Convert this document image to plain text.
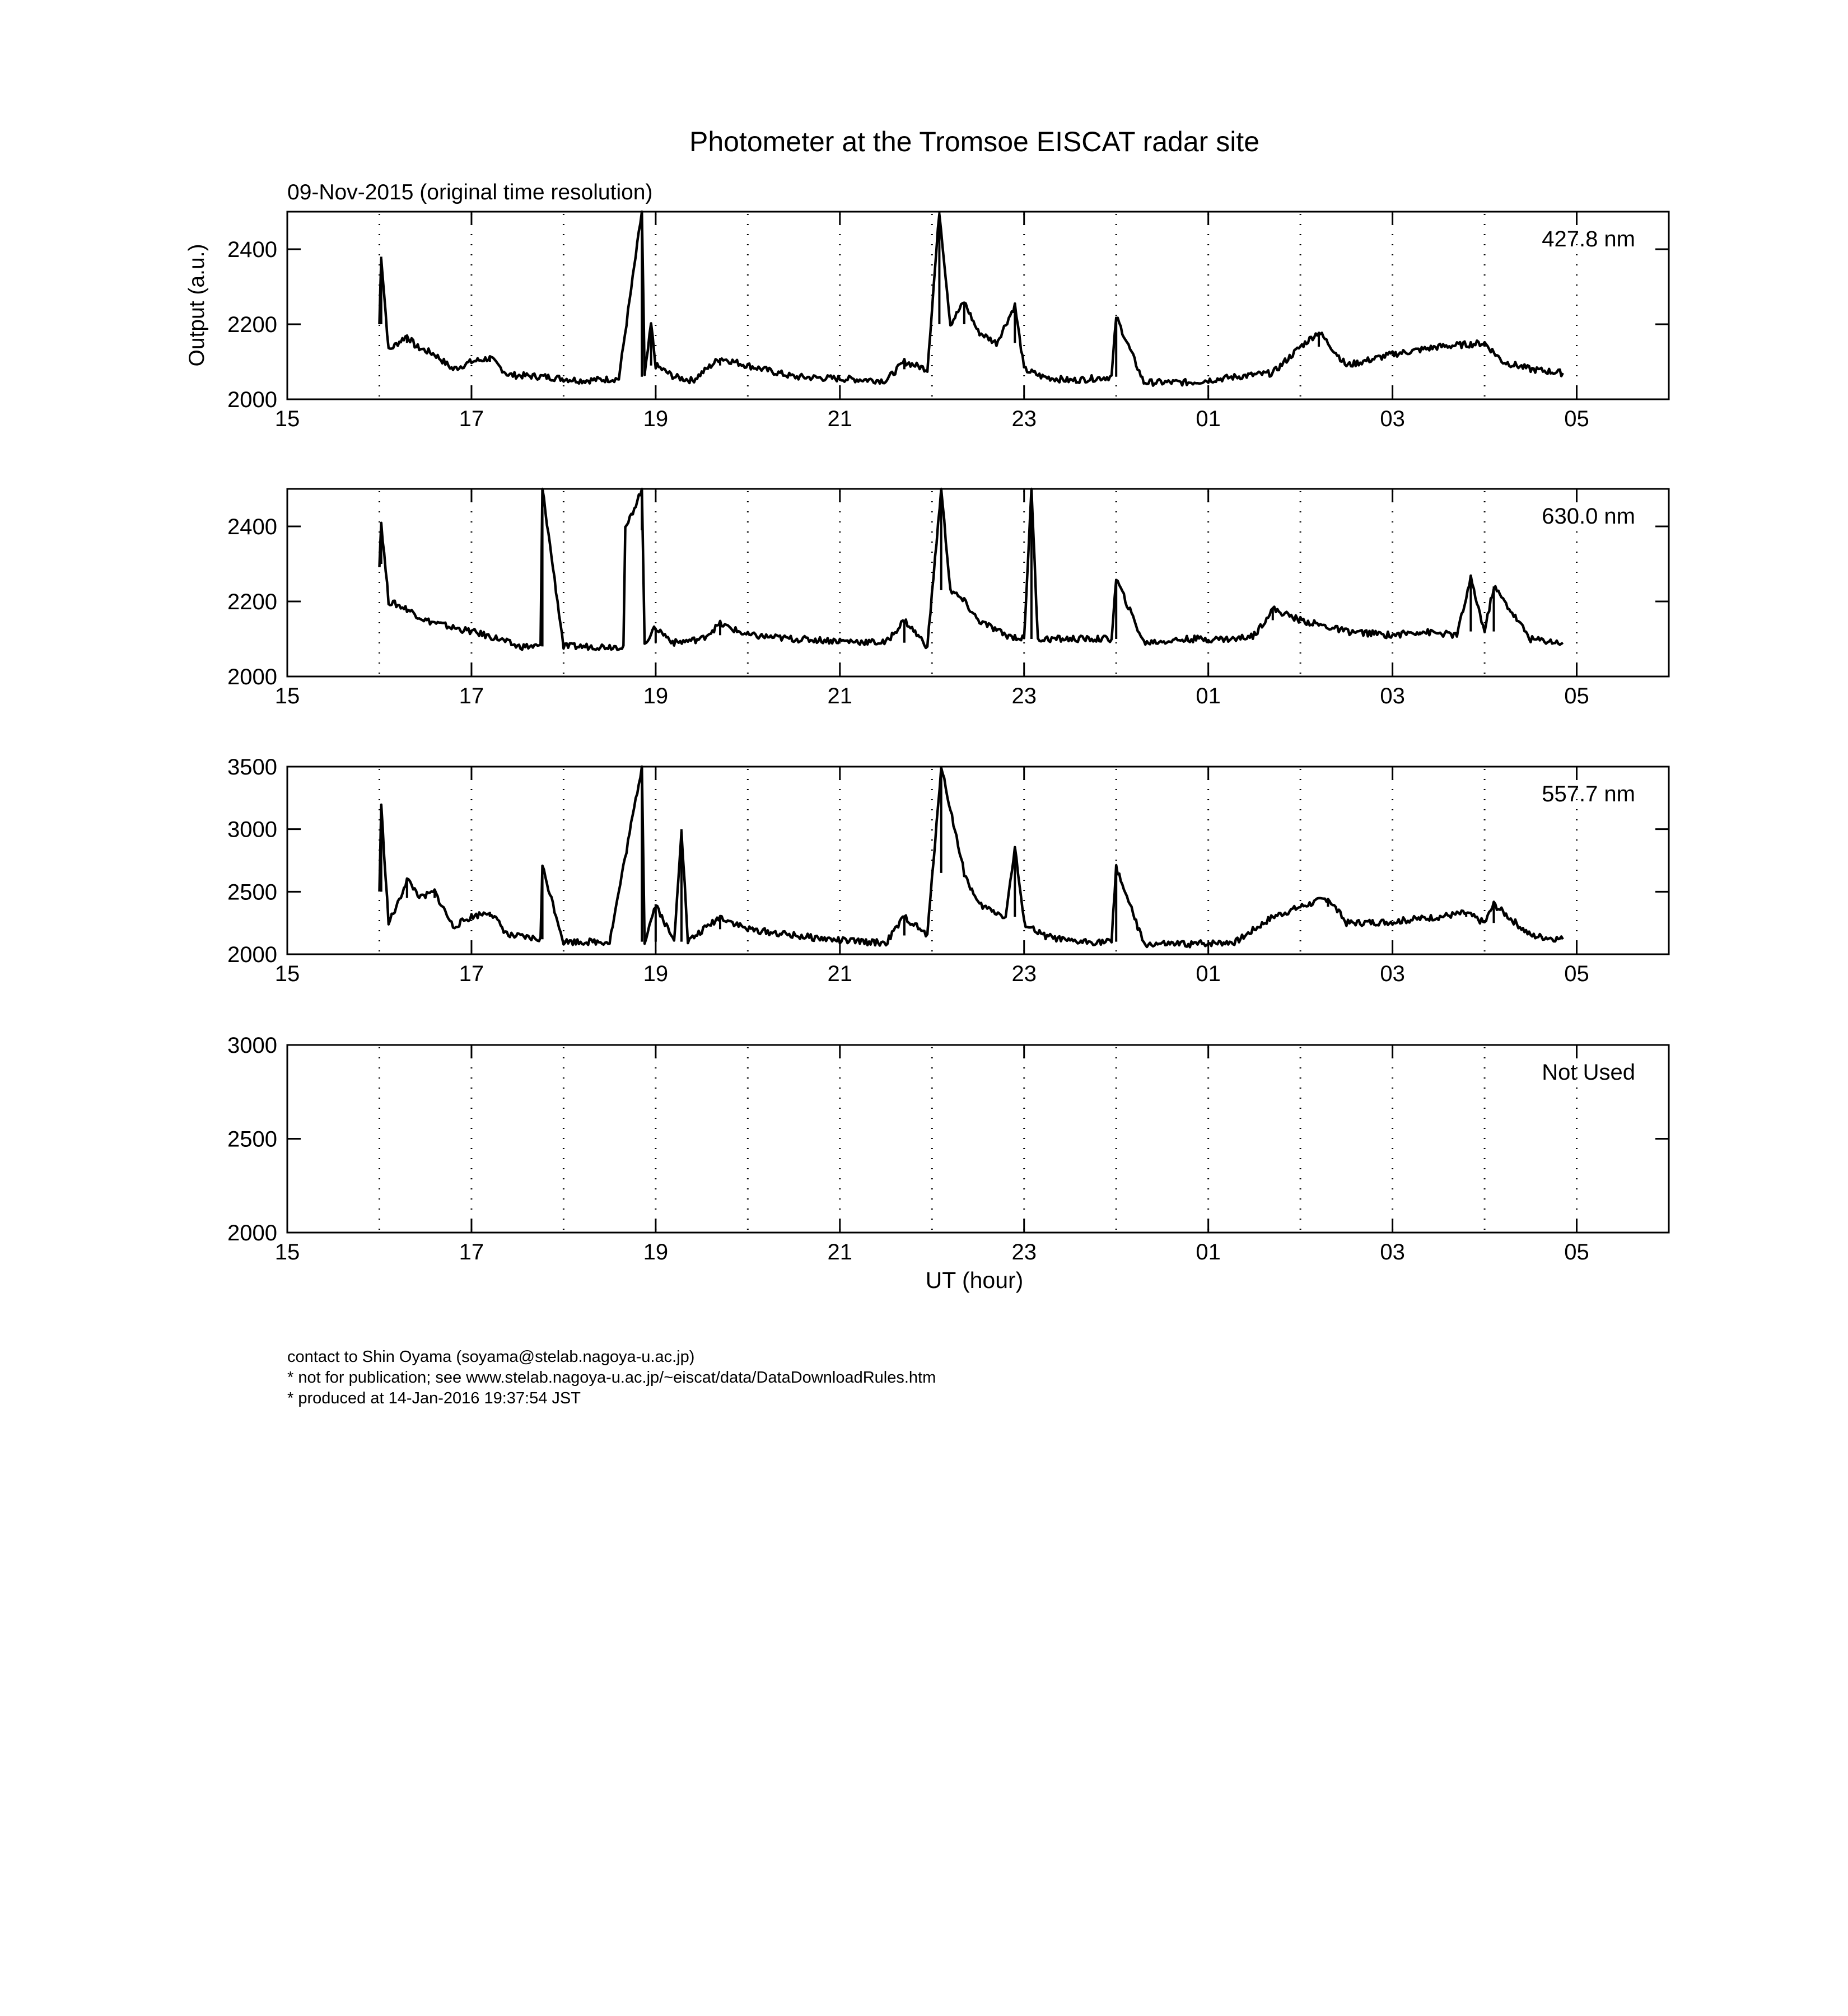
Photometer at the Tromsoe EISCAT radar site
09-Nov-2015 (original time resolution)
Output (a.u.)
UT (hour)
2000
2200
2400
15	17	19	21	23	01	03	05
427.8 nm
2000
2200
2400
15	17	19	21	23	01	03	05
630.0 nm
2000
2500
3000
3500
15	17	19	21	23	01	03	05
557.7 nm
2000
2500
3000
15	17	19	21	23	01	03	05
Not Used
contact to Shin Oyama (soyama@stelab.nagoya-u.ac.jp)
* not for publication; see www.stelab.nagoya-u.ac.jp/~eiscat/data/DataDownloadRules.htm
* produced at 14-Jan-2016 19:37:54 JST
